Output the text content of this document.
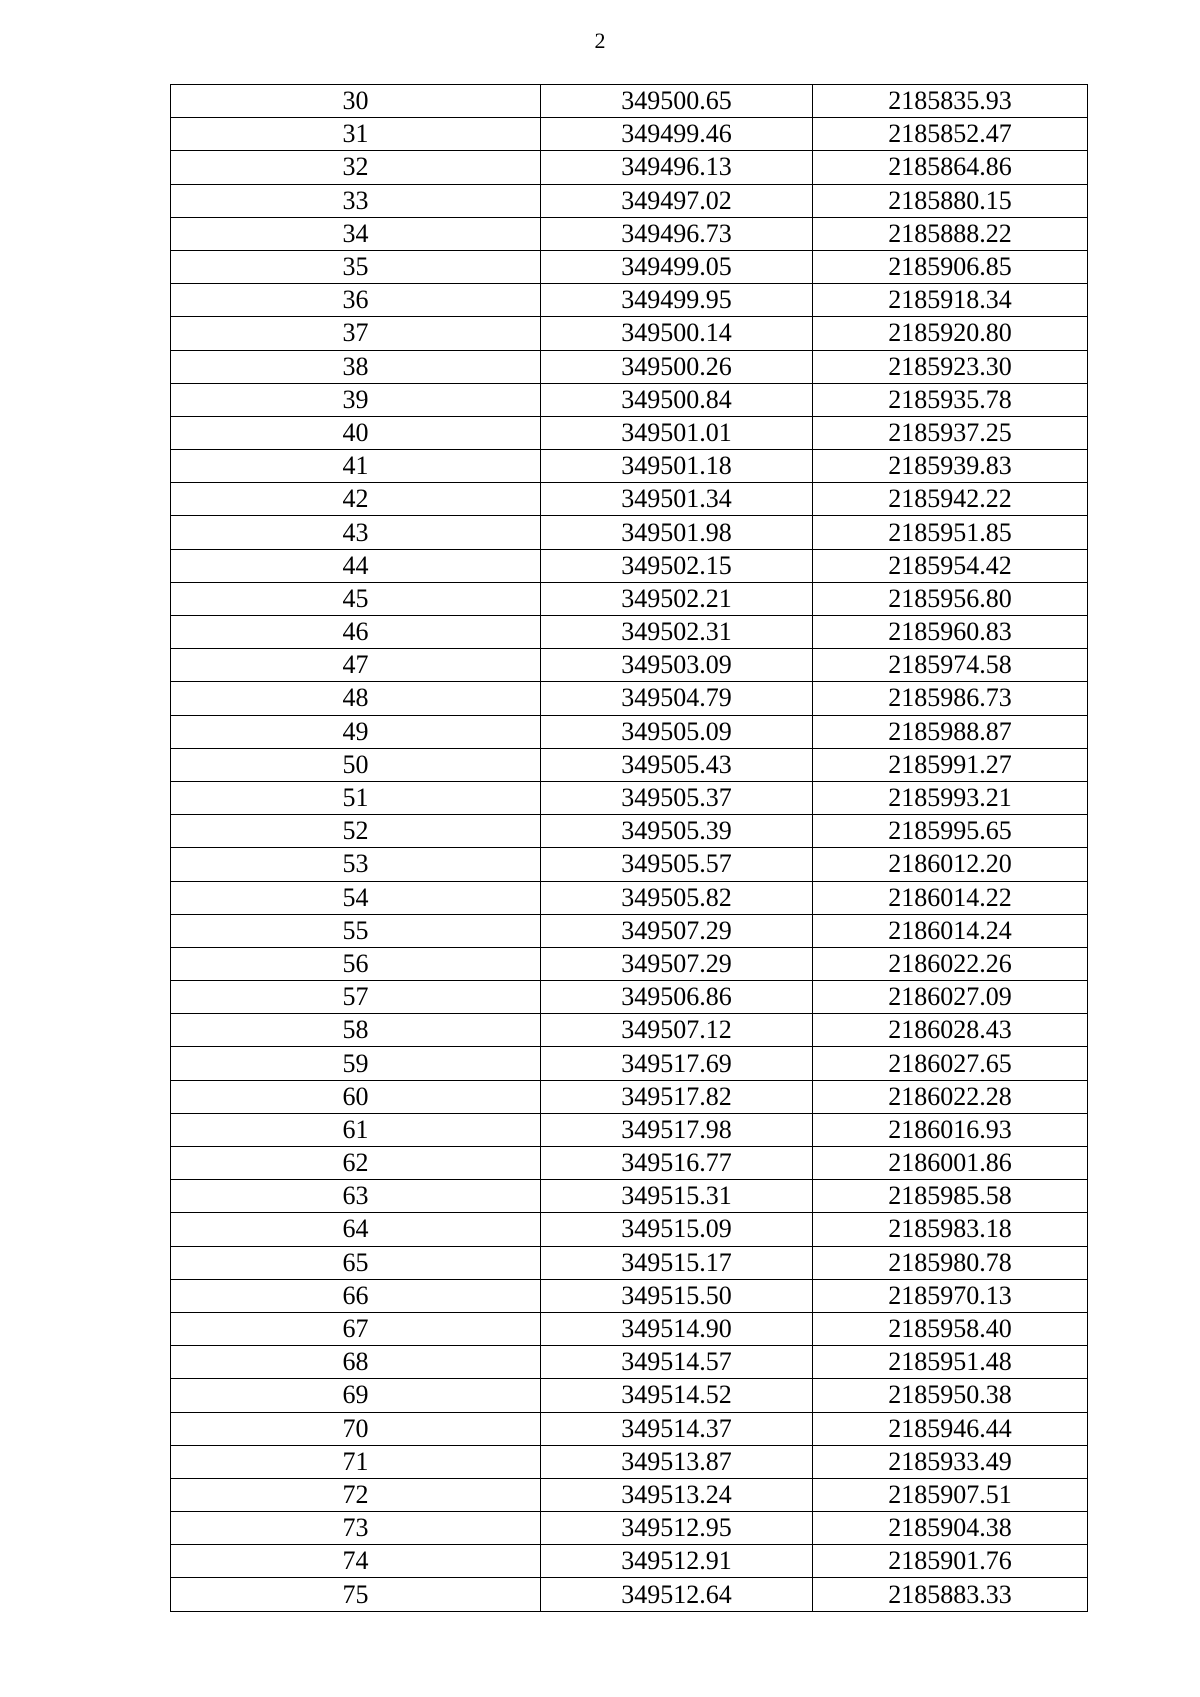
2
30	349500.65	2185835.93
31	349499.46	2185852.47
32	349496.13	2185864.86
33	349497.02	2185880.15
34	349496.73	2185888.22
35	349499.05	2185906.85
36	349499.95	2185918.34
37	349500.14	2185920.80
38	349500.26	2185923.30
39	349500.84	2185935.78
40	349501.01	2185937.25
41	349501.18	2185939.83
42	349501.34	2185942.22
43	349501.98	2185951.85
44	349502.15	2185954.42
45	349502.21	2185956.80
46	349502.31	2185960.83
47	349503.09	2185974.58
48	349504.79	2185986.73
49	349505.09	2185988.87
50	349505.43	2185991.27
51	349505.37	2185993.21
52	349505.39	2185995.65
53	349505.57	2186012.20
54	349505.82	2186014.22
55	349507.29	2186014.24
56	349507.29	2186022.26
57	349506.86	2186027.09
58	349507.12	2186028.43
59	349517.69	2186027.65
60	349517.82	2186022.28
61	349517.98	2186016.93
62	349516.77	2186001.86
63	349515.31	2185985.58
64	349515.09	2185983.18
65	349515.17	2185980.78
66	349515.50	2185970.13
67	349514.90	2185958.40
68	349514.57	2185951.48
69	349514.52	2185950.38
70	349514.37	2185946.44
71	349513.87	2185933.49
72	349513.24	2185907.51
73	349512.95	2185904.38
74	349512.91	2185901.76
75	349512.64	2185883.33
